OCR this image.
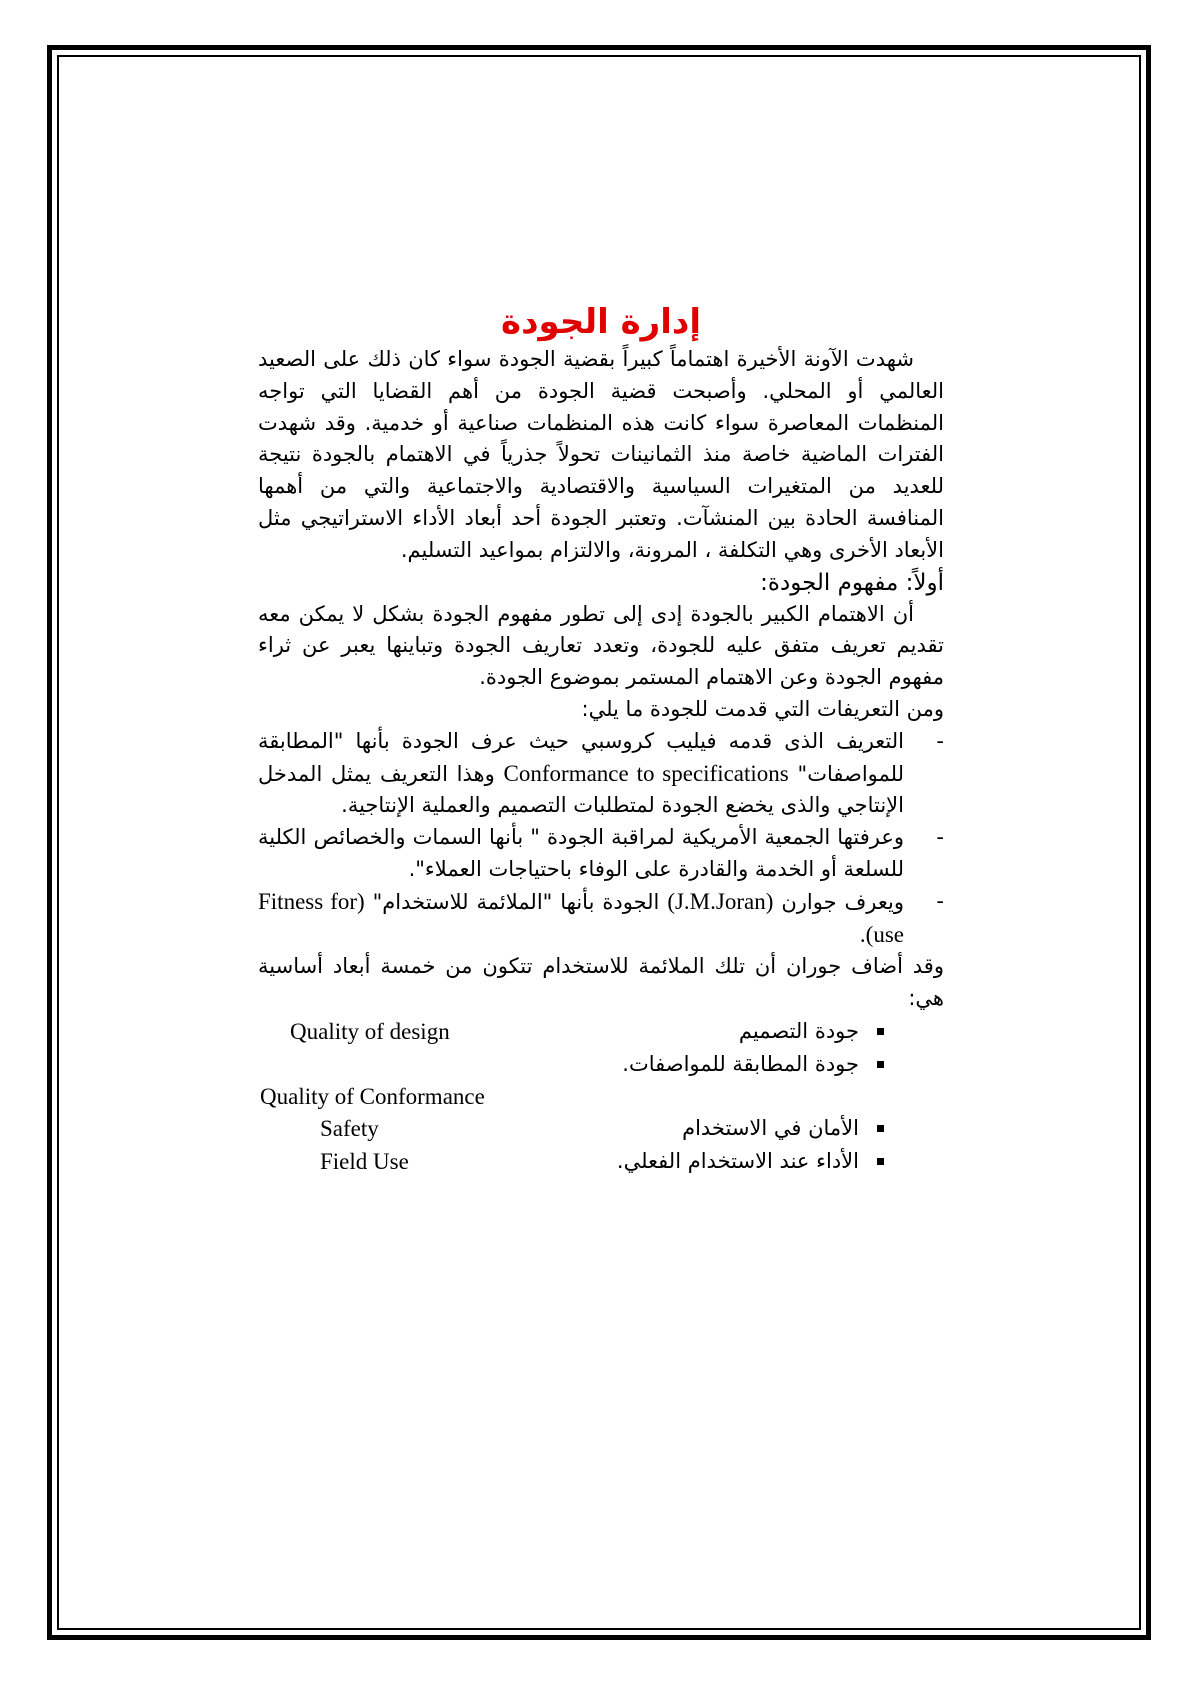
إدارة الجودة

شهدت الآونة الأخيرة اهتماماً كبيراً بقضية الجودة سواء كان ذلك على الصعيد العالمي أو المحلي. وأصبحت قضية الجودة من أهم القضايا التي تواجه المنظمات المعاصرة سواء كانت هذه المنظمات صناعية أو خدمية. وقد شهدت الفترات الماضية خاصة منذ الثمانينات تحولاً جذرياً في الاهتمام بالجودة نتيجة للعديد من المتغيرات السياسية والاقتصادية والاجتماعية والتي من أهمها المنافسة الحادة بين المنشآت. وتعتبر الجودة أحد أبعاد الأداء الاستراتيجي مثل الأبعاد الأخرى وهي التكلفة ، المرونة، والالتزام بمواعيد التسليم.

أولاً: مفهوم الجودة:

أن الاهتمام الكبير بالجودة إدى إلى تطور مفهوم الجودة بشكل لا يمكن معه تقديم تعريف متفق عليه للجودة، وتعدد تعاريف الجودة وتباينها يعبر عن ثراء مفهوم الجودة وعن الاهتمام المستمر بموضوع الجودة.

ومن التعريفات التي قدمت للجودة ما يلي:

-
التعريف الذى قدمه فيليب كروسبي حيث عرف الجودة بأنها "المطابقة للمواصفات" Conformance to specifications وهذا التعريف يمثل المدخل الإنتاجي والذى يخضع الجودة لمتطلبات التصميم والعملية الإنتاجية.
-
وعرفتها الجمعية الأمريكية لمراقبة الجودة " بأنها السمات والخصائص الكلية للسلعة أو الخدمة والقادرة على الوفاء باحتياجات العملاء".
-
ويعرف جوارن (J.M.Joran) الجودة بأنها "الملائمة للاستخدام" (Fitness for use).

وقد أضاف جوران أن تلك الملائمة للاستخدام تتكون من خمسة أبعاد أساسية هي:

جودة التصميم
Quality of design
جودة المطابقة للمواصفات.
Quality of Conformance
الأمان في الاستخدام
Safety
الأداء عند الاستخدام الفعلي.
Field Use
